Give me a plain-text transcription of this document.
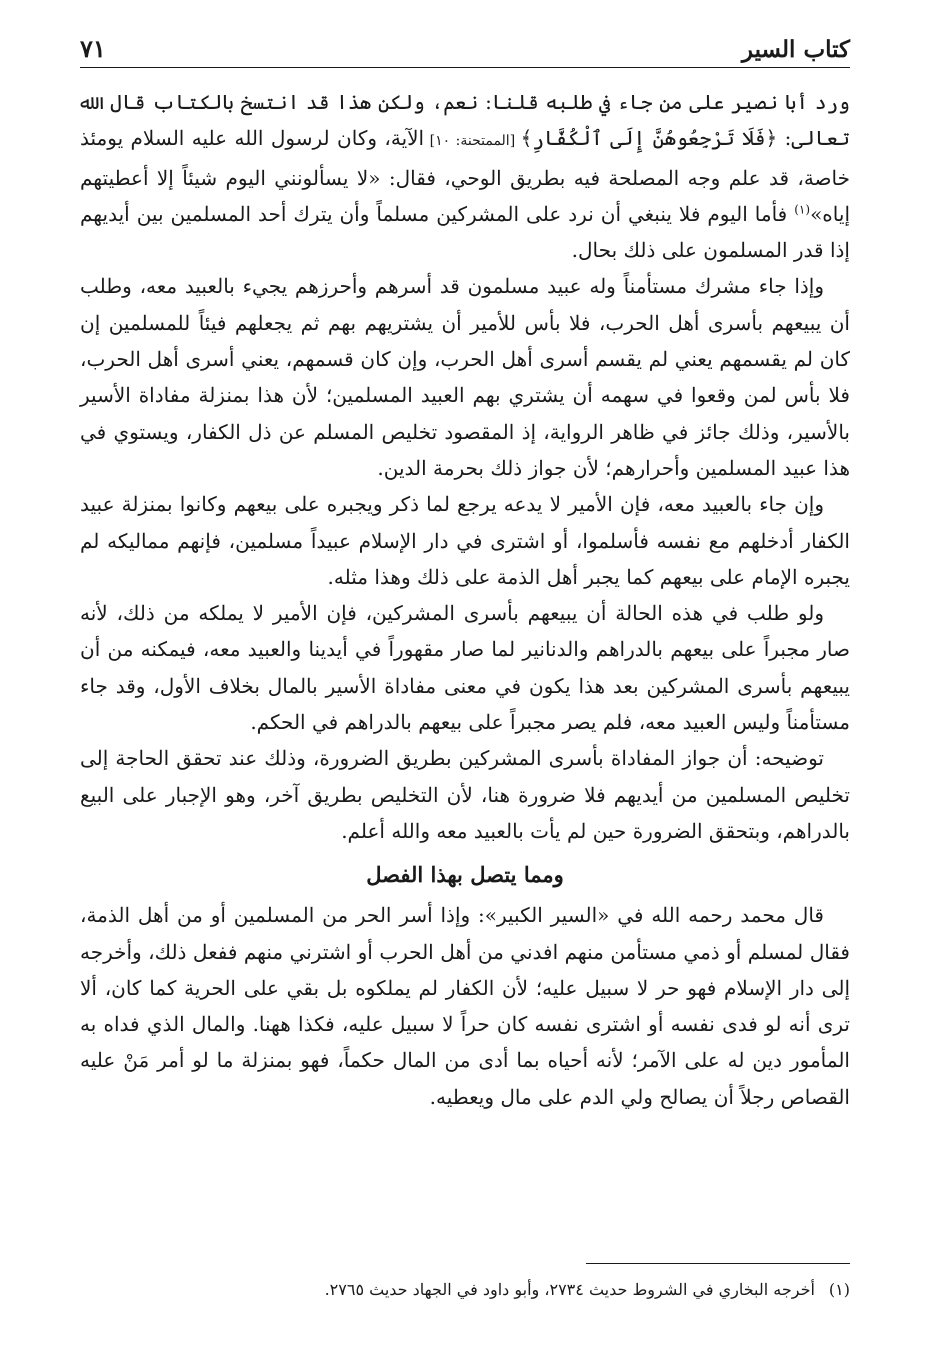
كتاب السير
٧١

ورد أبا نصير على من جاء في طلبه قلنا: نعم، ولكن هذا قد انتسخ بالكتاب قال الله تعالى: ﴿فَلَا تَرْجِعُوهُنَّ إِلَى ٱلْكُفَّارِ﴾ [الممتحنة: ١٠] الآية، وكان لرسول الله عليه السلام يومئذ خاصة، قد علم وجه المصلحة فيه بطريق الوحي، فقال: «لا يسألونني اليوم شيئاً إلا أعطيتهم إياه»$^{(١)}$ فأما اليوم فلا ينبغي أن نرد على المشركين مسلماً وأن يترك أحد المسلمين بين أيديهم إذا قدر المسلمون على ذلك بحال.

وإذا جاء مشرك مستأمناً وله عبيد مسلمون قد أسرهم وأحرزهم يجيء بالعبيد معه، وطلب أن يبيعهم بأسرى أهل الحرب، فلا بأس للأمير أن يشتريهم بهم ثم يجعلهم فيئاً للمسلمين إن كان لم يقسمهم يعني لم يقسم أسرى أهل الحرب، وإن كان قسمهم، يعني أسرى أهل الحرب، فلا بأس لمن وقعوا في سهمه أن يشتري بهم العبيد المسلمين؛ لأن هذا بمنزلة مفاداة الأسير بالأسير، وذلك جائز في ظاهر الرواية، إذ المقصود تخليص المسلم عن ذل الكفار، ويستوي في هذا عبيد المسلمين وأحرارهم؛ لأن جواز ذلك بحرمة الدين.

وإن جاء بالعبيد معه، فإن الأمير لا يدعه يرجع لما ذكر ويجبره على بيعهم وكانوا بمنزلة عبيد الكفار أدخلهم مع نفسه فأسلموا، أو اشترى في دار الإسلام عبيداً مسلمين، فإنهم مماليكه لم يجبره الإمام على بيعهم كما يجبر أهل الذمة على ذلك وهذا مثله.

ولو طلب في هذه الحالة أن يبيعهم بأسرى المشركين، فإن الأمير لا يملكه من ذلك، لأنه صار مجبراً على بيعهم بالدراهم والدنانير لما صار مقهوراً في أيدينا والعبيد معه، فيمكنه من أن يبيعهم بأسرى المشركين بعد هذا يكون في معنى مفاداة الأسير بالمال بخلاف الأول، وقد جاء مستأمناً وليس العبيد معه، فلم يصر مجبراً على بيعهم بالدراهم في الحكم.

توضيحه: أن جواز المفاداة بأسرى المشركين بطريق الضرورة، وذلك عند تحقق الحاجة إلى تخليص المسلمين من أيديهم فلا ضرورة هنا، لأن التخليص بطريق آخر، وهو الإجبار على البيع بالدراهم، وبتحقق الضرورة حين لم يأت بالعبيد معه والله أعلم.

ومما يتصل بهذا الفصل

قال محمد رحمه الله في «السير الكبير»: وإذا أسر الحر من المسلمين أو من أهل الذمة، فقال لمسلم أو ذمي مستأمن منهم افدني من أهل الحرب أو اشترني منهم ففعل ذلك، وأخرجه إلى دار الإسلام فهو حر لا سبيل عليه؛ لأن الكفار لم يملكوه بل بقي على الحرية كما كان، ألا ترى أنه لو فدى نفسه أو اشترى نفسه كان حراً لا سبيل عليه، فكذا ههنا. والمال الذي فداه به المأمور دين له على الآمر؛ لأنه أحياه بما أدى من المال حكماً، فهو بمنزلة ما لو أمر مَنْ عليه القصاص رجلاً أن يصالح ولي الدم على مال ويعطيه.

(١)أخرجه البخاري في الشروط حديث ٢٧٣٤، وأبو داود في الجهاد حديث ٢٧٦٥.
